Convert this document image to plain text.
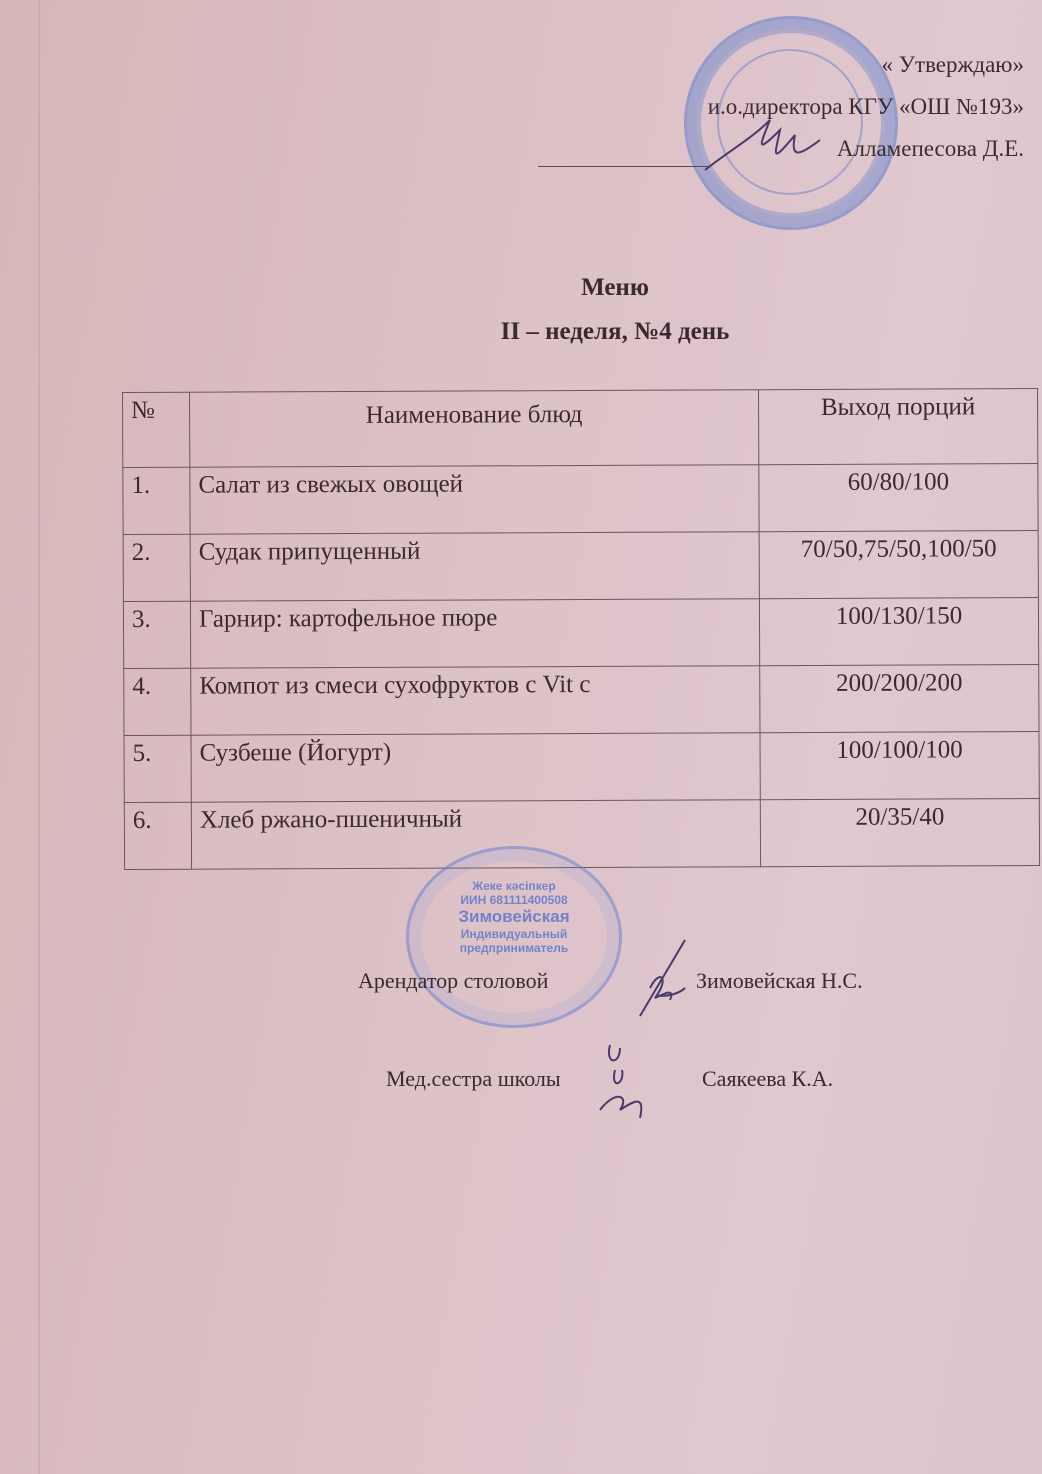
« Утверждаю»
и.о.директора КГУ «ОШ №193»
Алламепесова Д.Е.
Меню
II – неделя, №4 день
№	Наименование блюд	Выход порций
1.	Салат из свежых овощей	60/80/100
2.	Судак припущенный	70/50,75/50,100/50
3.	Гарнир: картофельное пюре	100/130/150
4.	Компот из смеси сухофруктов с Vit с	200/200/200
5.	Сузбеше (Йогурт)	100/100/100
6.	Хлеб ржано-пшеничный	20/35/40
Жеке кәсіпкер
ИИН 681111400508
Зимовейская
Индивидуальный
предприниматель
Арендатор столовой	Зимовейская Н.С.
Мед.сестра школы	Саякеева К.А.
